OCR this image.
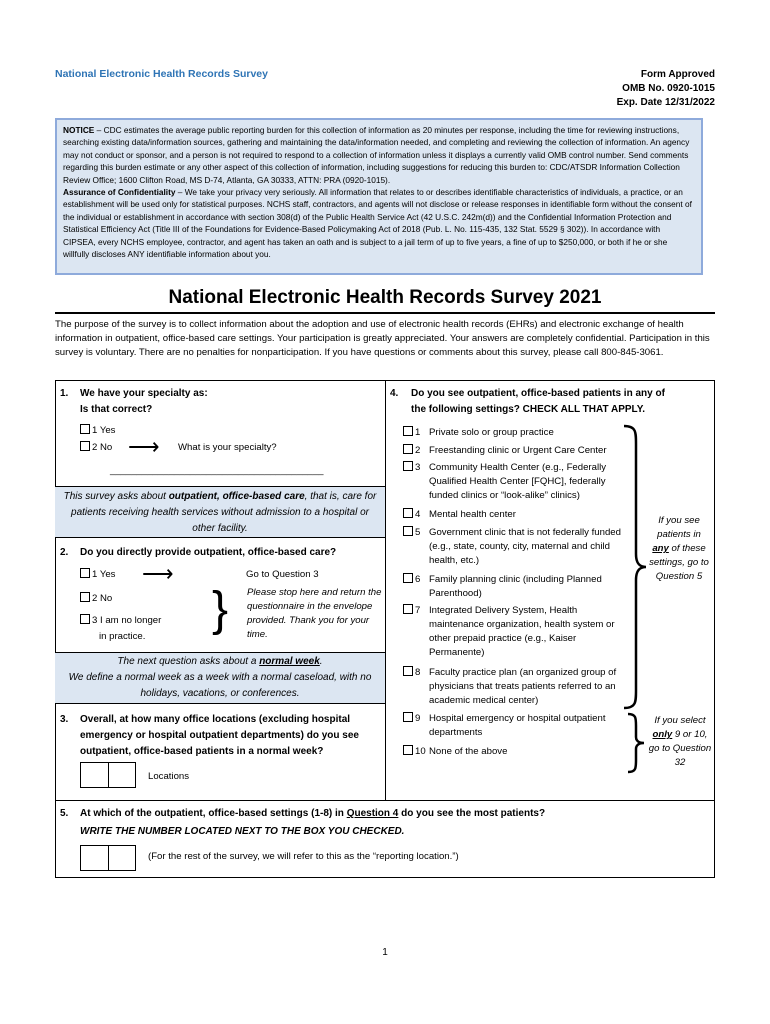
National Electronic Health Records Survey	Form Approved
OMB No. 0920-1015
Exp. Date 12/31/2022
NOTICE – CDC estimates the average public reporting burden for this collection of information as 20 minutes per response, including the time for reviewing instructions, searching existing data/information sources, gathering and maintaining the data/information needed, and completing and reviewing the collection of information. An agency may not conduct or sponsor, and a person is not required to respond to a collection of information unless it displays a currently valid OMB control number. Send comments regarding this burden estimate or any other aspect of this collection of information, including suggestions for reducing this burden to: CDC/ATSDR Information Collection Review Office; 1600 Clifton Road, MS D-74, Atlanta, GA 30333, ATTN: PRA (0920-1015).
Assurance of Confidentiality – We take your privacy very seriously. All information that relates to or describes identifiable characteristics of individuals, a practice, or an establishment will be used only for statistical purposes. NCHS staff, contractors, and agents will not disclose or release responses in identifiable form without the consent of the individual or establishment in accordance with section 308(d) of the Public Health Service Act (42 U.S.C. 242m(d)) and the Confidential Information Protection and Statistical Efficiency Act (Title III of the Foundations for Evidence-Based Policymaking Act of 2018 (Pub. L. No. 115-435, 132 Stat. 5529 § 302)). In accordance with CIPSEA, every NCHS employee, contractor, and agent has taken an oath and is subject to a jail term of up to five years, a fine of up to $250,000, or both if he or she willfully discloses ANY identifiable information about you.
National Electronic Health Records Survey 2021
The purpose of the survey is to collect information about the adoption and use of electronic health records (EHRs) and electronic exchange of health information in outpatient, office-based care settings. Your participation is greatly appreciated. Your answers are completely confidential. Participation in this survey is voluntary. There are no penalties for nonparticipation. If you have questions or comments about this survey, please call 800-845-3061.
1. We have your specialty as:
Is that correct?
1 Yes
2 No ⟶ What is your specialty?
________________________________________
This survey asks about outpatient, office-based care, that is, care for patients receiving health services without admission to a hospital or other facility.
2. Do you directly provide outpatient, office-based care?
1 Yes ⟶	Go to Question 3
2 No
3 I am no longer
in practice.
} Please stop here and return the questionnaire in the envelope provided. Thank you for your time.
The next question asks about a normal week.
We define a normal week as a week with a normal caseload, with no holidays, vacations, or conferences.
3. Overall, at how many office locations (excluding hospital emergency or hospital outpatient departments) do you see outpatient, office-based patients in a normal week?
Locations
4. Do you see outpatient, office-based patients in any of
the following settings? CHECK ALL THAT APPLY.
1 Private solo or group practice
2 Freestanding clinic or Urgent Care Center
3 Community Health Center (e.g., Federally Qualified Health Center [FQHC], federally funded clinics or “look-alike” clinics)
4 Mental health center
5 Government clinic that is not federally funded (e.g., state, county, city, maternal and child health, etc.)
6 Family planning clinic (including Planned Parenthood)
7 Integrated Delivery System, Health maintenance organization, health system or other prepaid practice (e.g., Kaiser Permanente)
8 Faculty practice plan (an organized group of physicians that treats patients referred to an academic medical center)
9 Hospital emergency or hospital outpatient departments
10 None of the above
If you see patients in any of these settings, go to Question 5
If you select only 9 or 10, go to Question 32
5. At which of the outpatient, office-based settings (1-8) in Question 4 do you see the most patients?
WRITE THE NUMBER LOCATED NEXT TO THE BOX YOU CHECKED.
(For the rest of the survey, we will refer to this as the “reporting location.”)
1
